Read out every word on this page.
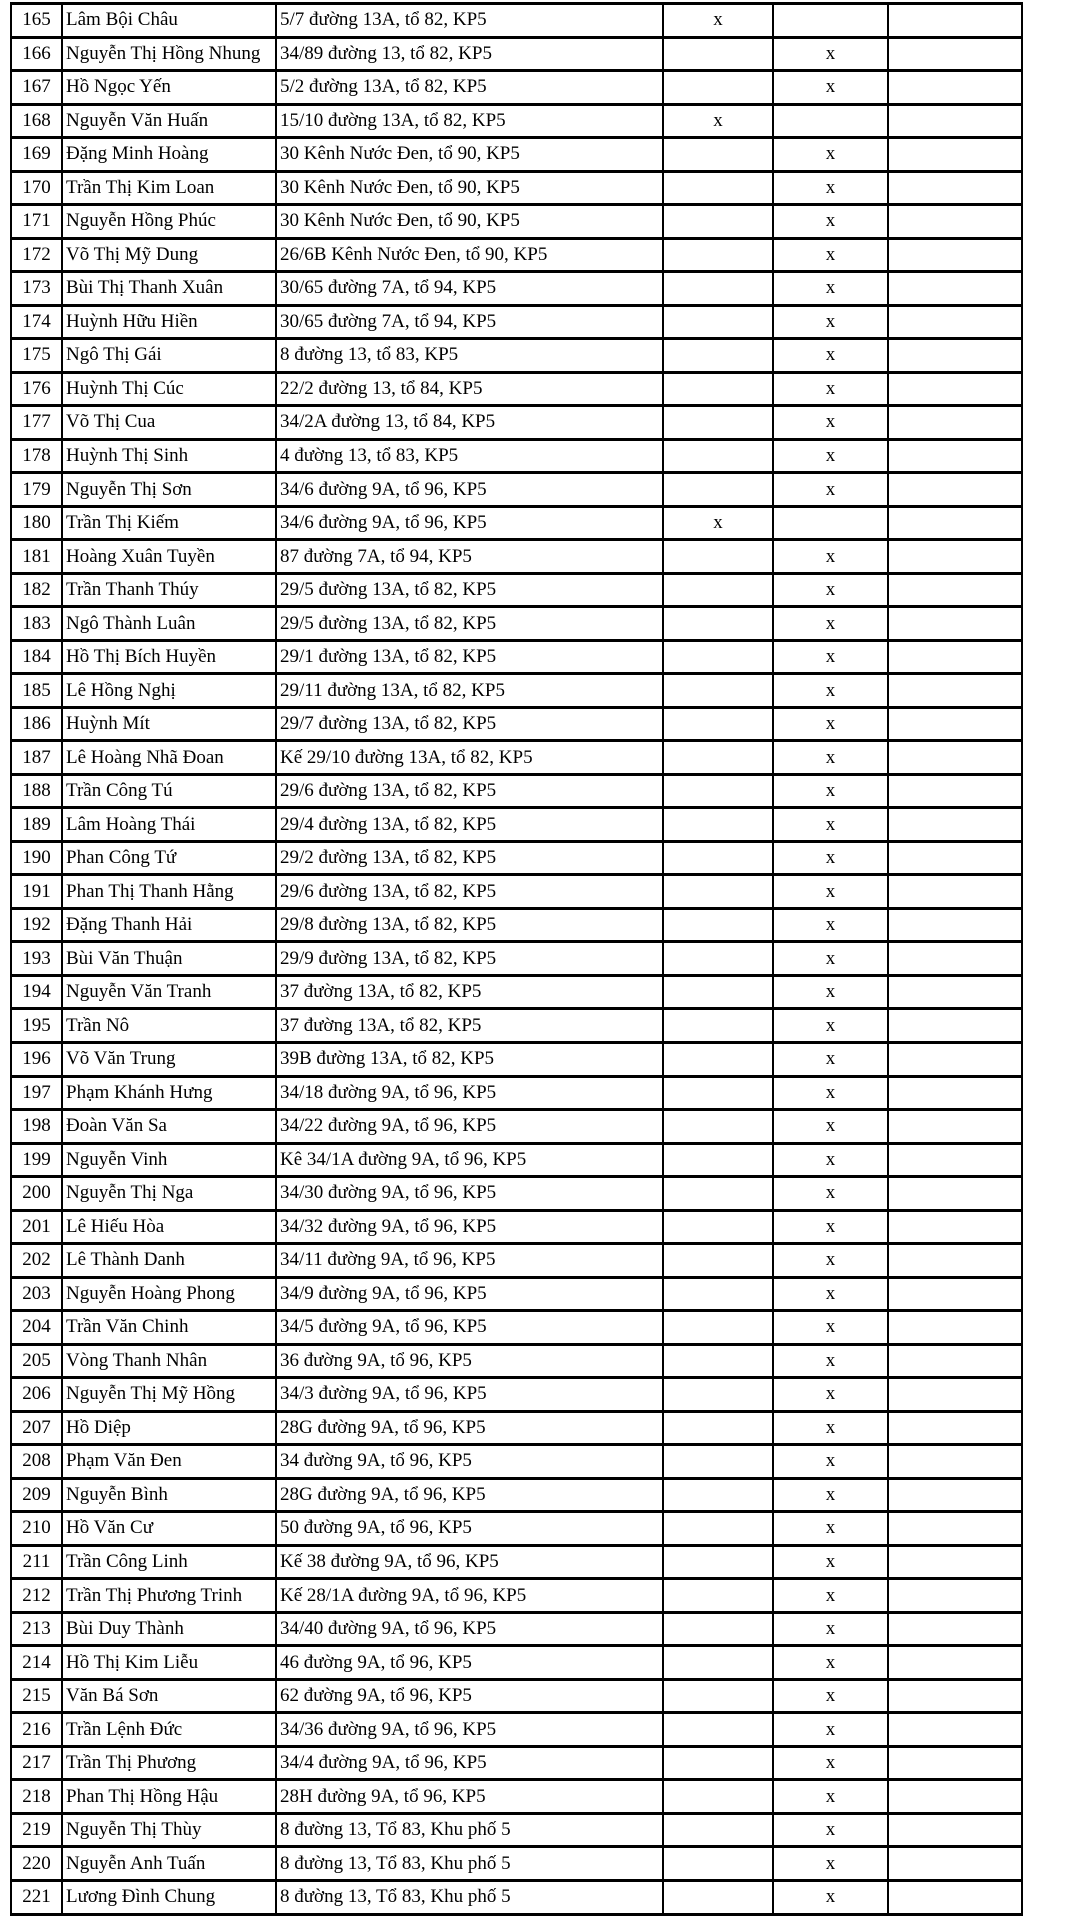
165	Lâm Bội Châu	5/7 đường 13A, tổ 82, KP5	x		
166	Nguyễn Thị Hồng Nhung	34/89 đường 13, tổ 82, KP5		x	
167	Hồ Ngọc Yến	5/2 đường 13A, tổ 82, KP5		x	
168	Nguyễn Văn Huấn	15/10 đường 13A, tổ 82, KP5	x		
169	Đặng Minh Hoàng	30 Kênh Nước Đen, tổ 90, KP5		x	
170	Trần Thị Kim Loan	30 Kênh Nước Đen, tổ 90, KP5		x	
171	Nguyễn Hồng Phúc	30 Kênh Nước Đen, tổ 90, KP5		x	
172	Võ Thị Mỹ Dung	26/6B Kênh Nước Đen, tổ 90, KP5		x	
173	Bùi Thị Thanh Xuân	30/65 đường 7A, tổ 94, KP5		x	
174	Huỳnh Hữu Hiền	30/65 đường 7A, tổ 94, KP5		x	
175	Ngô Thị Gái	8 đường 13, tổ 83, KP5		x	
176	Huỳnh Thị Cúc	22/2 đường 13, tổ 84, KP5		x	
177	Võ Thị Cua	34/2A đường 13, tổ 84, KP5		x	
178	Huỳnh Thị Sinh	4 đường 13, tổ 83, KP5		x	
179	Nguyễn Thị Sơn	34/6 đường 9A, tổ 96, KP5		x	
180	Trần Thị Kiếm	34/6 đường 9A, tổ 96, KP5	x		
181	Hoàng Xuân Tuyền	87 đường 7A, tổ 94, KP5		x	
182	Trần Thanh Thúy	29/5 đường 13A, tổ 82, KP5		x	
183	Ngô Thành Luân	29/5 đường 13A, tổ 82, KP5		x	
184	Hồ Thị Bích Huyền	29/1 đường 13A, tổ 82, KP5		x	
185	Lê Hồng Nghị	29/11 đường 13A, tổ 82, KP5		x	
186	Huỳnh Mít	29/7 đường 13A, tổ 82, KP5		x	
187	Lê Hoàng Nhã Đoan	Kế 29/10 đường 13A, tổ 82, KP5		x	
188	Trần Công Tú	29/6 đường 13A, tổ 82, KP5		x	
189	Lâm Hoàng Thái	29/4 đường 13A, tổ 82, KP5		x	
190	Phan Công Tứ	29/2 đường 13A, tổ 82, KP5		x	
191	Phan Thị Thanh Hằng	29/6 đường 13A, tổ 82, KP5		x	
192	Đặng Thanh Hải	29/8 đường 13A, tổ 82, KP5		x	
193	Bùi Văn Thuận	29/9 đường 13A, tổ 82, KP5		x	
194	Nguyễn Văn Tranh	37 đường 13A, tổ 82, KP5		x	
195	Trần Nô	37 đường 13A, tổ 82, KP5		x	
196	Võ Văn Trung	39B đường 13A, tổ 82, KP5		x	
197	Phạm Khánh Hưng	34/18 đường 9A, tổ 96, KP5		x	
198	Đoàn Văn Sa	34/22 đường 9A, tổ 96, KP5		x	
199	Nguyễn Vinh	Kê 34/1A đường 9A, tổ 96, KP5		x	
200	Nguyễn Thị Nga	34/30 đường 9A, tổ 96, KP5		x	
201	Lê Hiếu Hòa	34/32 đường 9A, tổ 96, KP5		x	
202	Lê Thành Danh	34/11 đường 9A, tổ 96, KP5		x	
203	Nguyễn Hoàng Phong	34/9 đường 9A, tổ 96, KP5		x	
204	Trần Văn Chinh	34/5 đường 9A, tổ 96, KP5		x	
205	Vòng Thanh Nhân	36 đường 9A, tổ 96, KP5		x	
206	Nguyễn Thị Mỹ Hồng	34/3 đường 9A, tổ 96, KP5		x	
207	Hồ Diệp	28G đường 9A, tổ 96, KP5		x	
208	Phạm Văn Đen	34 đường 9A, tổ 96, KP5		x	
209	Nguyễn Bình	28G đường 9A, tổ 96, KP5		x	
210	Hồ Văn Cư	50 đường 9A, tổ 96, KP5		x	
211	Trần Công Linh	Kế 38 đường 9A, tổ 96, KP5		x	
212	Trần Thị Phương Trinh	Kế 28/1A đường 9A, tổ 96, KP5		x	
213	Bùi Duy Thành	34/40 đường 9A, tổ 96, KP5		x	
214	Hồ Thị Kim Liễu	46 đường 9A, tổ 96, KP5		x	
215	Văn Bá Sơn	62 đường 9A, tổ 96, KP5		x	
216	Trần Lệnh Đức	34/36 đường 9A, tổ 96, KP5		x	
217	Trần Thị Phương	34/4 đường 9A, tổ 96, KP5		x	
218	Phan Thị Hồng Hậu	28H đường 9A, tổ 96, KP5		x	
219	Nguyễn Thị Thùy	8 đường 13, Tổ 83, Khu phố 5		x	
220	Nguyễn Anh Tuấn	8 đường 13, Tổ 83, Khu phố 5		x	
221	Lương Đình Chung	8 đường 13, Tổ 83, Khu phố 5		x	
